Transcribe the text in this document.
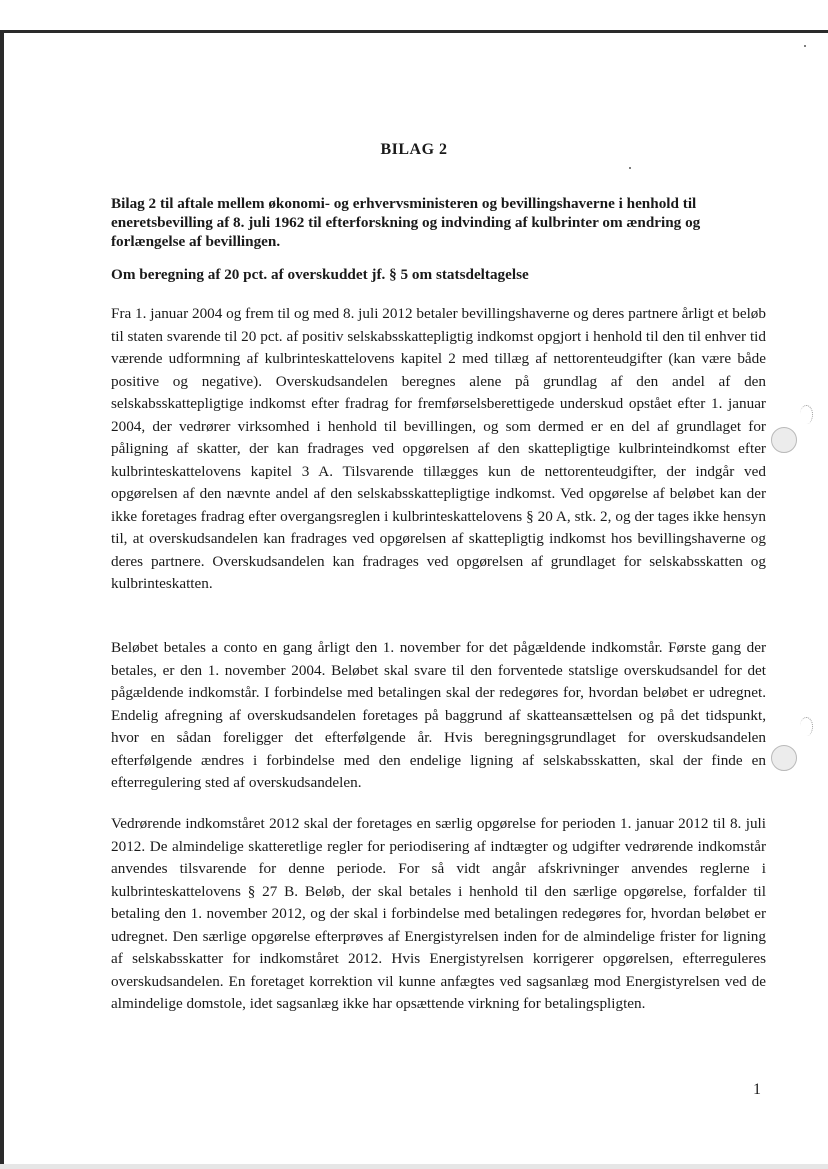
BILAG 2

Bilag 2 til aftale mellem økonomi- og erhvervsministeren og bevillingshaverne i henhold til eneretsbevilling af 8. juli 1962 til efterforskning og indvinding af kulbrinter om ændring og forlængelse af bevillingen.

Om beregning af 20 pct. af overskuddet jf. § 5 om statsdeltagelse

Fra 1. januar 2004 og frem til og med 8. juli 2012 betaler bevillingshaverne og deres partnere årligt et beløb til staten svarende til 20 pct. af positiv selskabsskattepligtig indkomst opgjort i henhold til den til enhver tid værende udformning af kulbrinteskattelovens kapitel 2 med tillæg af nettorenteudgifter (kan være både positive og negative). Overskudsandelen beregnes alene på grundlag af den andel af den selskabsskattepligtige indkomst efter fradrag for fremførselsberettigede underskud opstået efter 1. januar 2004, der vedrører virksomhed i henhold til bevillingen, og som dermed er en del af grundlaget for påligning af skatter, der kan fradrages ved opgørelsen af den skattepligtige kulbrinteindkomst efter kulbrinteskattelovens kapitel 3 A. Tilsvarende tillægges kun de nettorenteudgifter, der indgår ved opgørelsen af den nævnte andel af den selskabsskattepligtige indkomst. Ved opgørelse af beløbet kan der ikke foretages fradrag efter overgangsreglen i kulbrinteskattelovens § 20 A, stk. 2, og der tages ikke hensyn til, at overskudsandelen kan fradrages ved opgørelsen af skattepligtig indkomst hos bevillingshaverne og deres partnere. Overskudsandelen kan fradrages ved opgørelsen af grundlaget for selskabsskatten og kulbrinteskatten.

Beløbet betales a conto en gang årligt den 1. november for det pågældende indkomstår. Første gang der betales, er den 1. november 2004. Beløbet skal svare til den forventede statslige overskudsandel for det pågældende indkomstår. I forbindelse med betalingen skal der redegøres for, hvordan beløbet er udregnet. Endelig afregning af overskudsandelen foretages på baggrund af skatteansættelsen og på det tidspunkt, hvor en sådan foreligger det efterfølgende år. Hvis beregningsgrundlaget for overskudsandelen efterfølgende ændres i forbindelse med den endelige ligning af selskabsskatten, skal der finde en efterregulering sted af overskudsandelen.

Vedrørende indkomståret 2012 skal der foretages en særlig opgørelse for perioden 1. januar 2012 til 8. juli 2012. De almindelige skatteretlige regler for periodisering af indtægter og udgifter vedrørende indkomstår anvendes tilsvarende for denne periode. For så vidt angår afskrivninger anvendes reglerne i kulbrinteskattelovens § 27 B. Beløb, der skal betales i henhold til den særlige opgørelse, forfalder til betaling den 1. november 2012, og der skal i forbindelse med betalingen redegøres for, hvordan beløbet er udregnet. Den særlige opgørelse efterprøves af Energistyrelsen inden for de almindelige frister for ligning af selskabsskatter for indkomståret 2012. Hvis Energistyrelsen korrigerer opgørelsen, efterreguleres overskudsandelen. En foretaget korrektion vil kunne anfægtes ved sagsanlæg mod Energistyrelsen ved de almindelige domstole, idet sagsanlæg ikke har opsættende virkning for betalingspligten.

1
